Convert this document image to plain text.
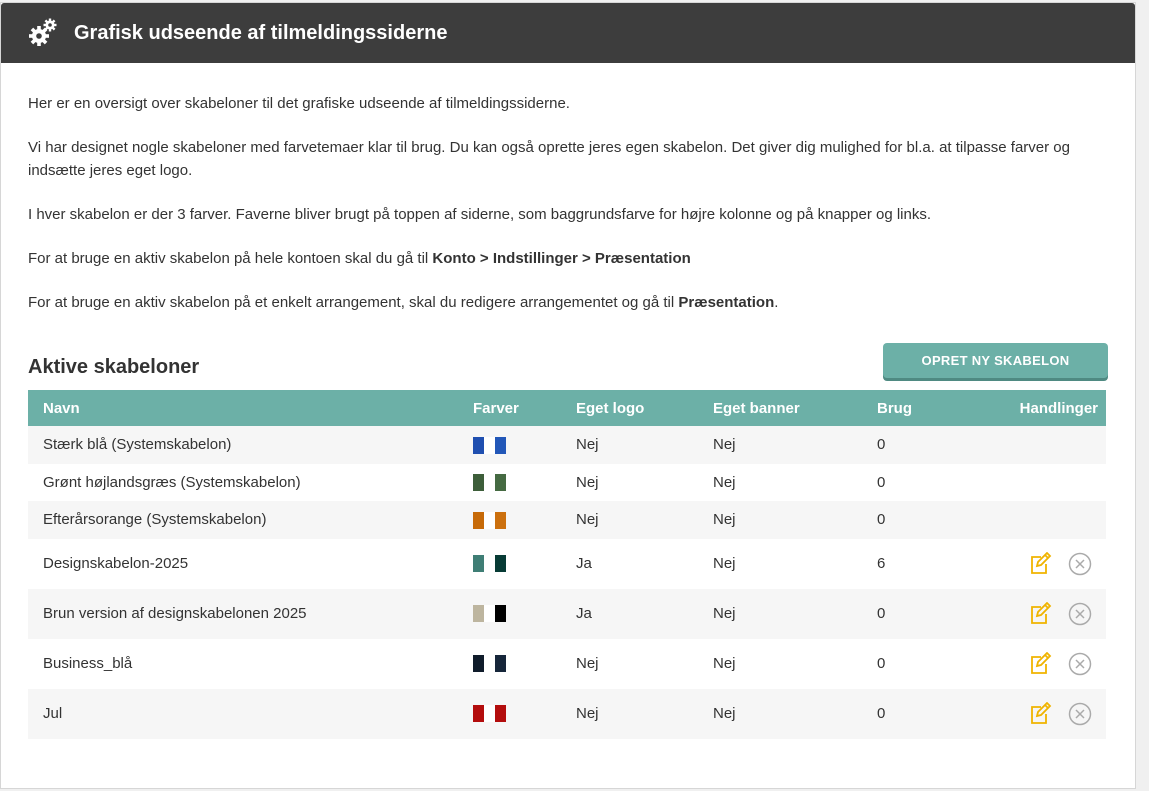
Grafisk udseende af tilmeldingssiderne

Her er en oversigt over skabeloner til det grafiske udseende af tilmeldingssiderne.

Vi har designet nogle skabeloner med farvetemaer klar til brug. Du kan også oprette jeres egen skabelon. Det giver dig mulighed for bl.a. at tilpasse farver og indsætte jeres eget logo.

I hver skabelon er der 3 farver. Faverne bliver brugt på toppen af siderne, som baggrundsfarve for højre kolonne og på knapper og links.

For at bruge en aktiv skabelon på hele kontoen skal du gå til Konto > Indstillinger > Præsentation

For at bruge en aktiv skabelon på et enkelt arrangement, skal du redigere arrangementet og gå til Præsentation.

Aktive skabeloner	OPRET NY SKABELON
Navn	Farver	Eget logo	Eget banner	Brug	Handlinger
Stærk blå (Systemskabelon)		Nej	Nej	0	
Grønt højlandsgræs (Systemskabelon)		Nej	Nej	0	
Efterårsorange (Systemskabelon)		Nej	Nej	0	
Designskabelon-2025		Ja	Nej	6	
Brun version af designskabelonen 2025		Ja	Nej	0	
Business_blå		Nej	Nej	0	
Jul		Nej	Nej	0	
